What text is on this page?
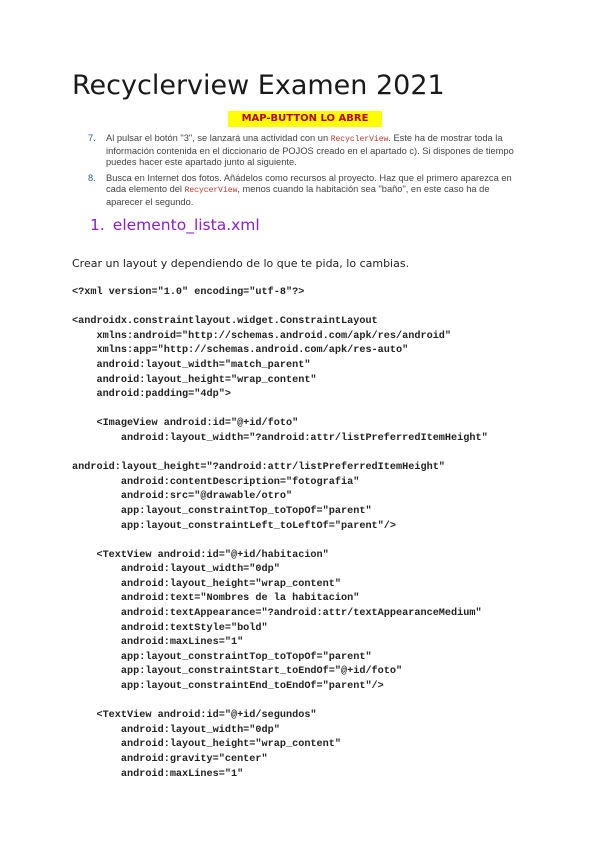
Recyclerview Examen 2021
MAP-BUTTON LO ABRE
7. Al pulsar el botón "3", se lanzará una actividad con un RecyclerView. Este ha de mostrar toda la información contenida en el diccionario de POJOS creado en el apartado c). Si dispones de tiempo puedes hacer este apartado junto al siguiente.
8. Busca en Internet dos fotos. Añádelos como recursos al proyecto. Haz que el primero aparezca en cada elemento del RecycerView, menos cuando la habitación sea "baño", en este caso ha de aparecer el segundo.
1. elemento_lista.xml
Crear un layout y dependiendo de lo que te pida, lo cambias.
<?xml version="1.0" encoding="utf-8"?>
<androidx.constraintlayout.widget.ConstraintLayout
xmlns:android="http://schemas.android.com/apk/res/android"
xmlns:app="http://schemas.android.com/apk/res-auto"
android:layout_width="match_parent"
android:layout_height="wrap_content"
android:padding="4dp">
<ImageView android:id="@+id/foto"
android:layout_width="?android:attr/listPreferredItemHeight"
android:layout_height="?android:attr/listPreferredItemHeight"
android:contentDescription="fotografia"
android:src="@drawable/otro"
app:layout_constraintTop_toTopOf="parent"
app:layout_constraintLeft_toLeftOf="parent"/>
<TextView android:id="@+id/habitacion"
android:layout_width="0dp"
android:layout_height="wrap_content"
android:text="Nombres de la habitacion"
android:textAppearance="?android:attr/textAppearanceMedium"
android:textStyle="bold"
android:maxLines="1"
app:layout_constraintTop_toTopOf="parent"
app:layout_constraintStart_toEndOf="@+id/foto"
app:layout_constraintEnd_toEndOf="parent"/>
<TextView android:id="@+id/segundos"
android:layout_width="0dp"
android:layout_height="wrap_content"
android:gravity="center"
android:maxLines="1"
